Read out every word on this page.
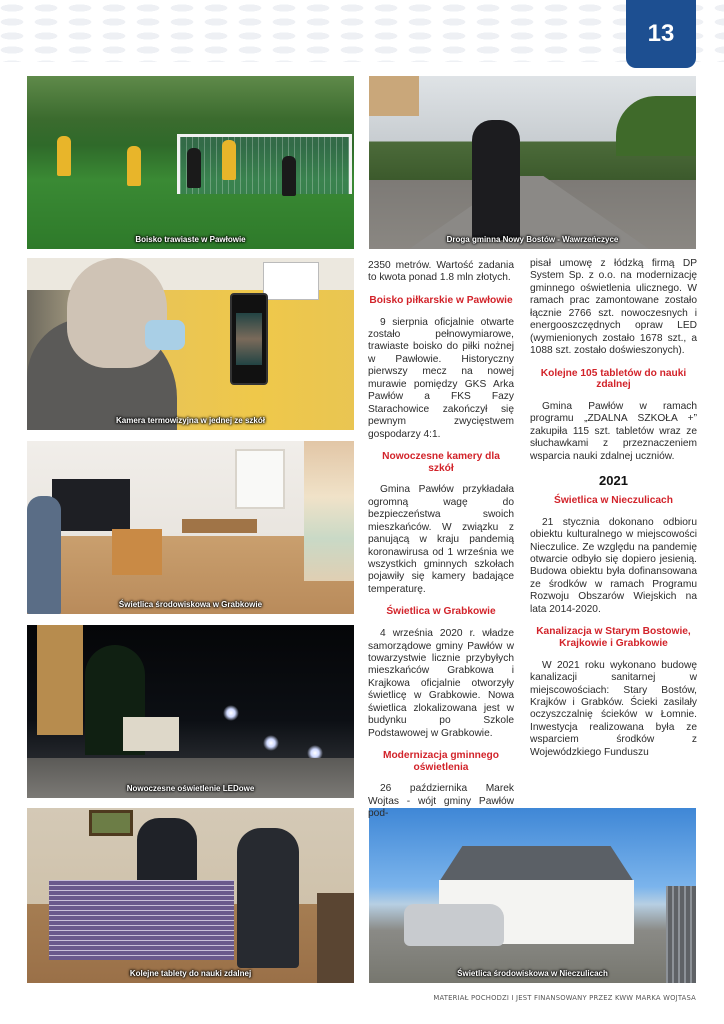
13
Boisko trawiaste w Pawłowie	Droga gminna Nowy Bostów - Wawrzeńczyce
Kamera termowizyjna w jednej ze szkół
Świetlica środowiskowa w Grabkowie
Nowoczesne oświetlenie LEDowe
Kolejne tablety do nauki zdalnej	Świetlica środowiskowa w Nieczulicach
2350 metrów. Wartość zadania to kwota ponad 1.8 mln złotych.
Boisko piłkarskie w Pawłowie

9 sierpnia oficjalnie otwarte zostało pełnowymiarowe, trawiaste boisko do piłki nożnej w Pawłowie. Historyczny pierwszy mecz na nowej murawie pomiędzy GKS Arka Pawłów a FKS Fazy Starachowice zakończył się pewnym zwycięstwem gospodarzy 4:1.

Nowoczesne kamery dla szkół

Gmina Pawłów przykładała ogromną wagę do bezpieczeństwa swoich mieszkańców. W związku z panującą w kraju pandemią koronawirusa od 1 września we wszystkich gminnych szkołach pojawiły się kamery badające temperaturę.

Świetlica w Grabkowie

4 września 2020 r. władze samorządowe gminy Pawłów w towarzystwie licznie przybyłych mieszkańców Grabkowa i Krajkowa oficjalnie otworzyły świetlicę w Grabkowie. Nowa świetlica zlokalizowana jest w budynku po Szkole Podstawowej w Grabkowie.

Modernizacja gminnego oświetlenia

26 października Marek Wojtas - wójt gminy Pawłów pod-

pisał umowę z łódzką firmą DP System Sp. z o.o. na modernizację gminnego oświetlenia ulicznego. W ramach prac zamontowane zostało łącznie 2766 szt. nowoczesnych i energooszczędnych opraw LED (wymienionych zostało 1678 szt., a 1088 szt. zostało doświeszonych).
Kolejne 105 tabletów do nauki zdalnej

Gmina Pawłów w ramach programu „ZDALNA SZKOŁA +” zakupiła 115 szt. tabletów wraz ze słuchawkami z przeznaczeniem wsparcia nauki zdalnej uczniów.

2021
Świetlica w Nieczulicach

21 stycznia dokonano odbioru obiektu kulturalnego w miejscowości Nieczulice. Ze względu na pandemię otwarcie odbyło się dopiero jesienią. Budowa obiektu była dofinansowana ze środków w ramach Programu Rozwoju Obszarów Wiejskich na lata 2014-2020.

Kanalizacja w Starym Bostowie, Krajkowie i Grabkowie

W 2021 roku wykonano budowę kanalizacji sanitarnej w miejscowościach: Stary Bostów, Krajków i Grabków. Ścieki zasilały oczyszczalnię ścieków w Łomnie. Inwestycja realizowana była ze wsparciem środków z Wojewódzkiego Funduszu

MATERIAŁ POCHODZI I JEST FINANSOWANY PRZEZ KWW MARKA WOJTASA
